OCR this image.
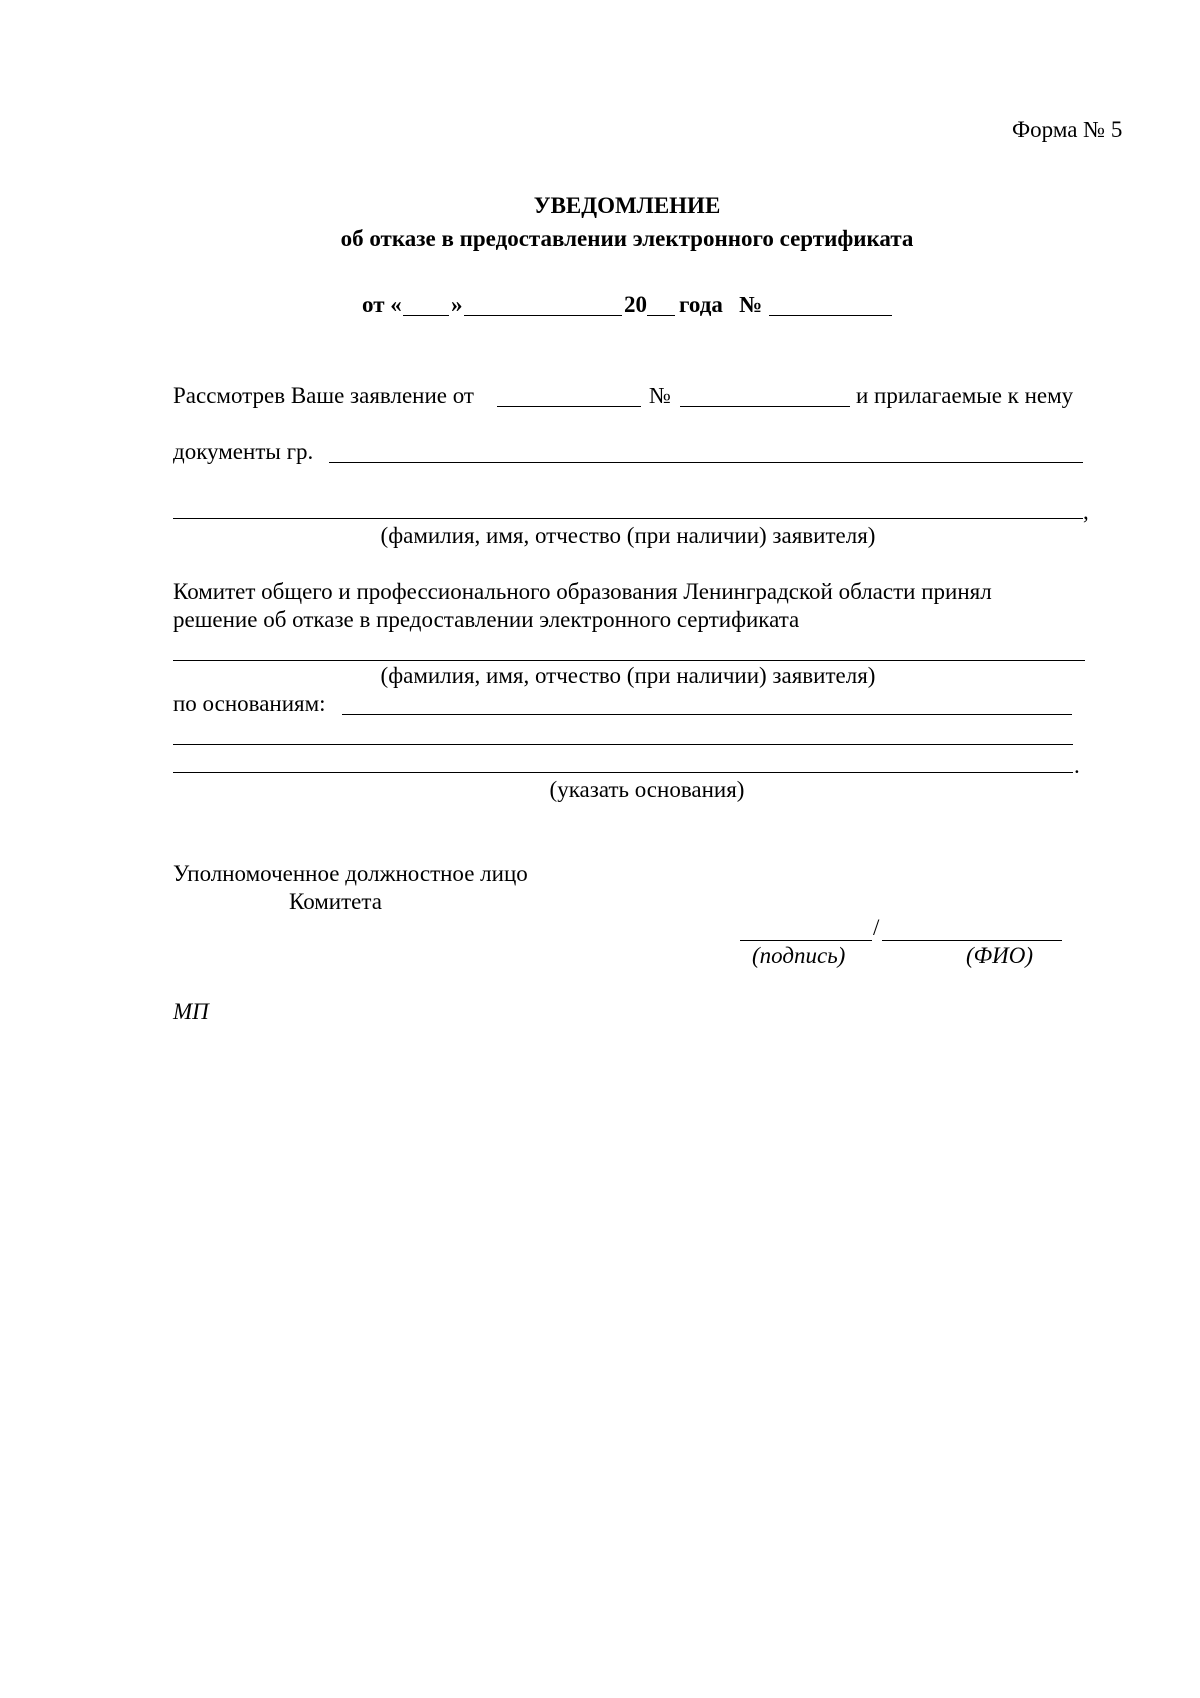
Форма № 5
УВЕДОМЛЕНИЕ
об отказе в предоставлении электронного сертификата
от « »	20 года №
Рассмотрев Ваше заявление от	№	и прилагаемые к нему
документы гр.
,
(фамилия, имя, отчество (при наличии) заявителя)
Комитет общего и профессионального образования Ленинградской области принял
решение об отказе в предоставлении электронного сертификата
(фамилия, имя, отчество (при наличии) заявителя)
по основаниям:
.
(указать основания)
Уполномоченное должностное лицо
Комитета
/
(подпись)	(ФИО)
МП
